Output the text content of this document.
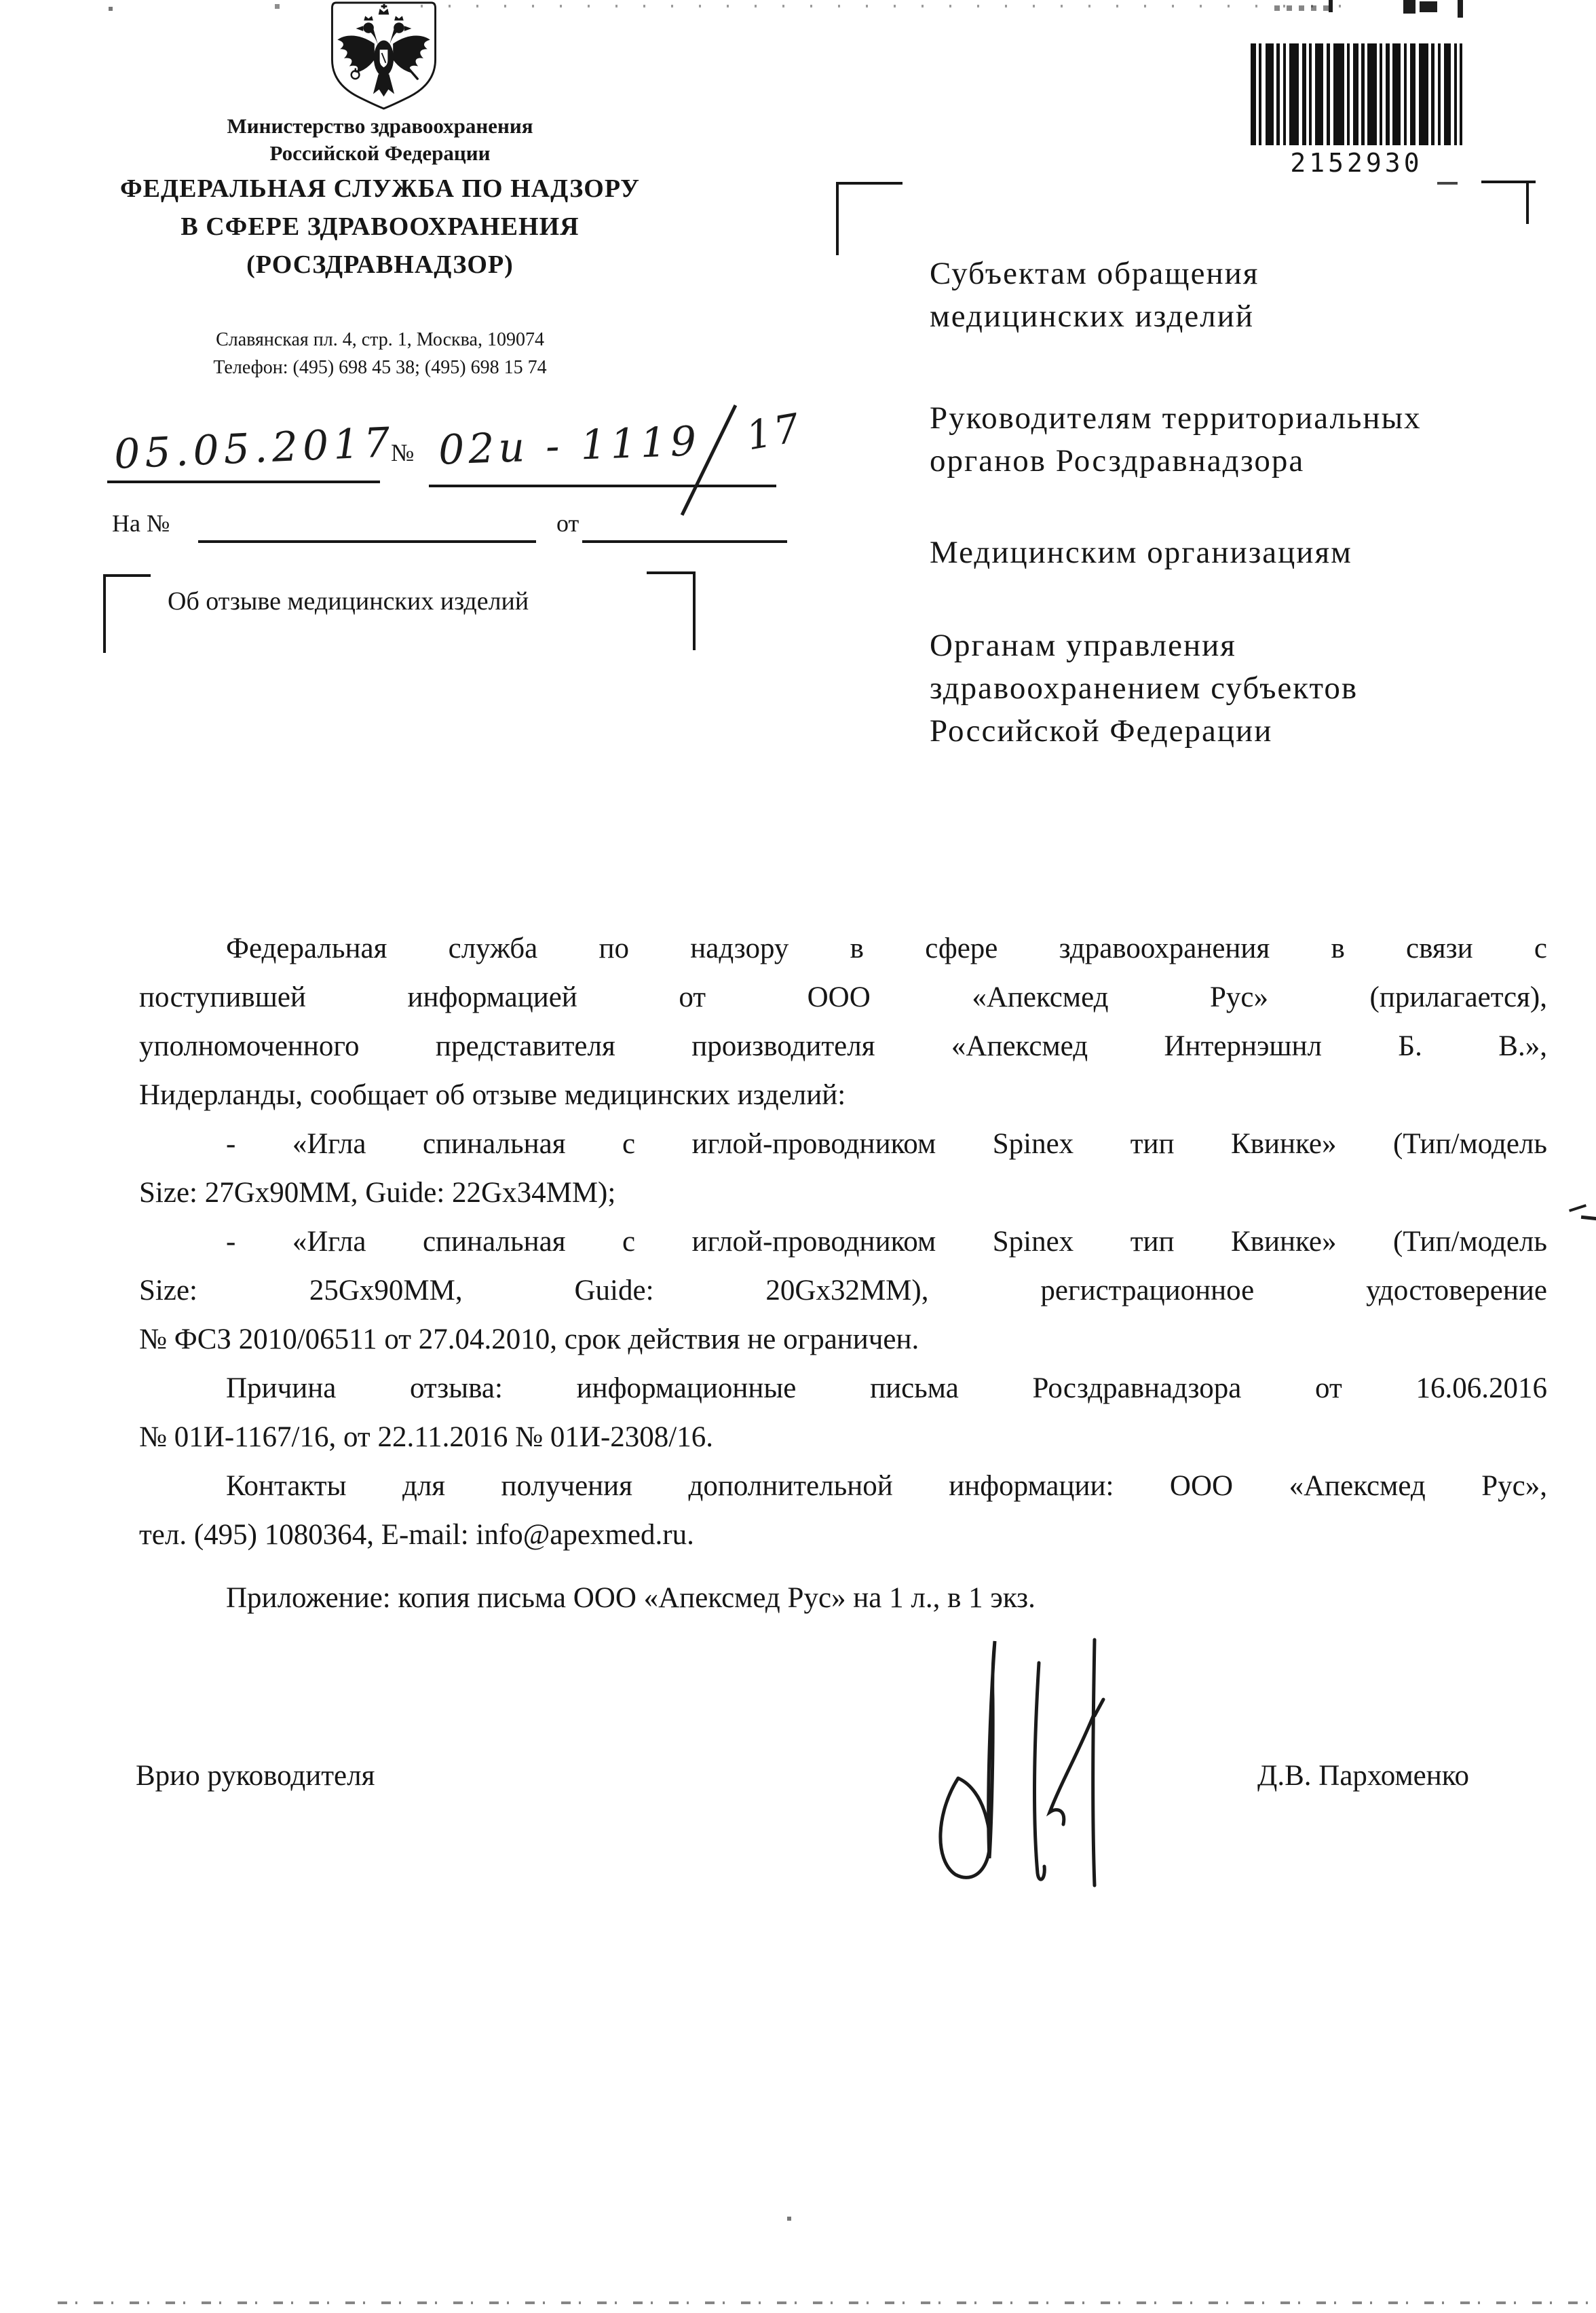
Министерство здравоохранения
Российской Федерации
ФЕДЕРАЛЬНАЯ СЛУЖБА ПО НАДЗОРУ
В СФЕРЕ ЗДРАВООХРАНЕНИЯ
(РОСЗДРАВНАДЗОР)
Славянская пл. 4, стр. 1, Москва, 109074
Телефон: (495) 698 45 38; (495) 698 15 74
2152930
05.05.2017
№ 02и - 1119 17
На №	от
Об отзыве медицинских изделий
Субъектам обращения
медицинских изделий
Руководителям территориальных
органов Росздравнадзора
Медицинским организациям
Органам управления
здравоохранением субъектов
Российской Федерации
Федеральная служба по надзору в сфере здравоохранения в связи с
поступившей информацией от ООО «Апексмед Рус» (прилагается),
уполномоченного представителя производителя «Апексмед Интернэшнл Б. В.»,
Нидерланды, сообщает об отзыве медицинских изделий:
- «Игла спинальная с иглой-проводником Spinex тип Квинке» (Тип/модель
Size: 27Gx90MM, Guide: 22Gx34MM);
- «Игла спинальная с иглой-проводником Spinex тип Квинке» (Тип/модель
Size: 25Gx90MM, Guide: 20Gx32MM), регистрационное удостоверение
№ ФСЗ 2010/06511 от 27.04.2010, срок действия не ограничен.
Причина отзыва: информационные письма Росздравнадзора от 16.06.2016
№ 01И-1167/16, от 22.11.2016 № 01И-2308/16.
Контакты для получения дополнительной информации: ООО «Апексмед Рус»,
тел. (495) 1080364, E-mail: info@apexmed.ru.
Приложение: копия письма ООО «Апексмед Рус» на 1 л., в 1 экз.
Врио руководителя	Д.В. Пархоменко
